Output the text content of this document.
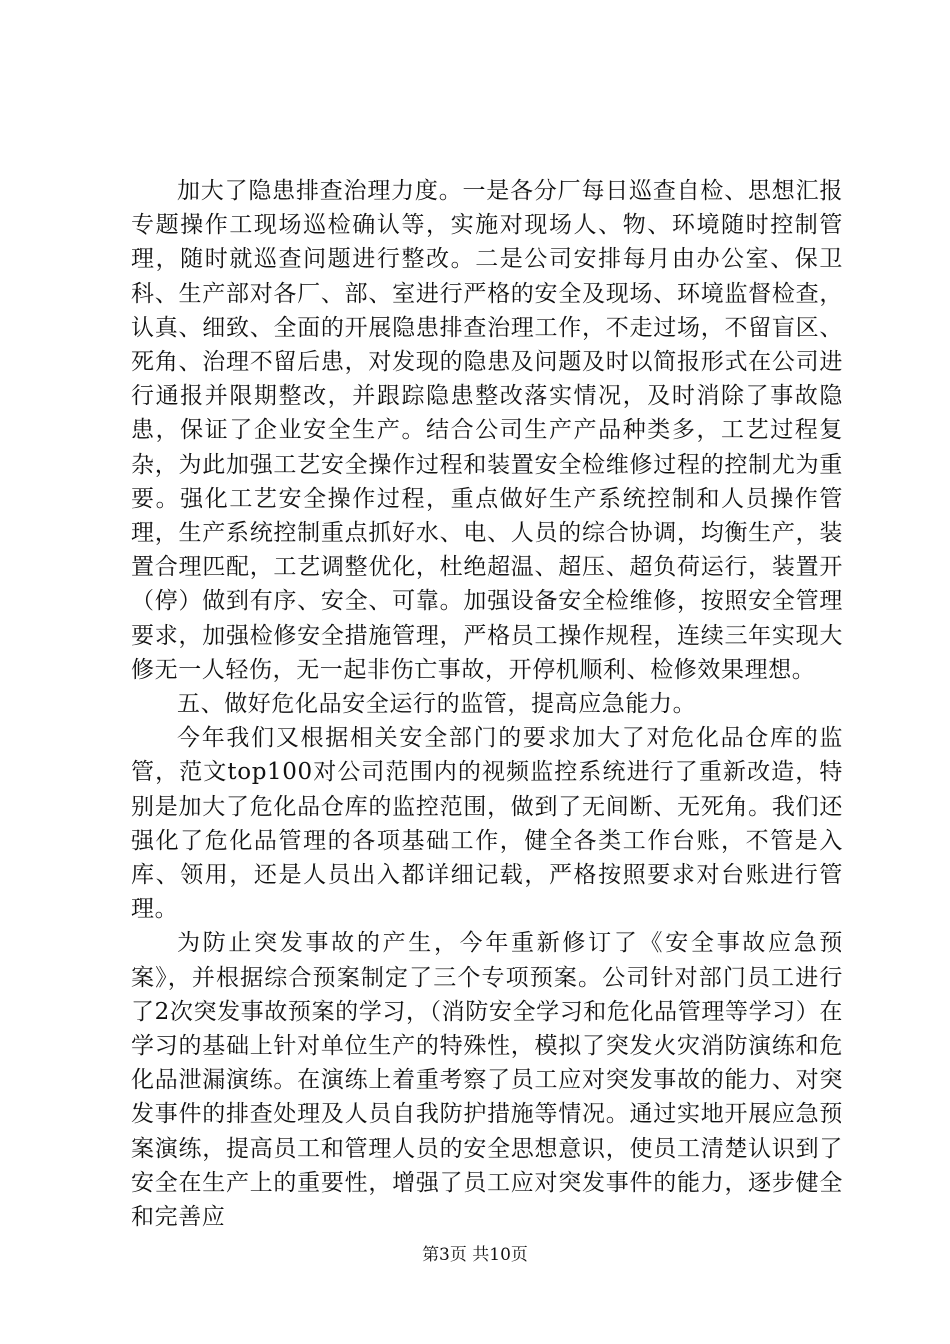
加大了隐患排查治理力度。一是各分厂每日巡查自检、思想汇报专题操作工现场巡检确认等，实施对现场人、物、环境随时控制管理，随时就巡查问题进行整改。二是公司安排每月由办公室、保卫科、生产部对各厂、部、室进行严格的安全及现场、环境监督检查，认真、细致、全面的开展隐患排查治理工作，不走过场，不留盲区、死角、治理不留后患，对发现的隐患及问题及时以简报形式在公司进行通报并限期整改，并跟踪隐患整改落实情况，及时消除了事故隐患，保证了企业安全生产。结合公司生产产品种类多，工艺过程复杂，为此加强工艺安全操作过程和装置安全检维修过程的控制尤为重要。强化工艺安全操作过程，重点做好生产系统控制和人员操作管理，生产系统控制重点抓好水、电、人员的综合协调，均衡生产，装置合理匹配，工艺调整优化，杜绝超温、超压、超负荷运行，装置开（停）做到有序、安全、可靠。加强设备安全检维修，按照安全管理要求，加强检修安全措施管理，严格员工操作规程，连续三年实现大修无一人轻伤，无一起非伤亡事故，开停机顺利、检修效果理想。

五、做好危化品安全运行的监管，提高应急能力。

今年我们又根据相关安全部门的要求加大了对危化品仓库的监管，范文top100对公司范围内的视频监控系统进行了重新改造，特别是加大了危化品仓库的监控范围，做到了无间断、无死角。我们还强化了危化品管理的各项基础工作，健全各类工作台账，不管是入库、领用，还是人员出入都详细记载，严格按照要求对台账进行管理。

为防止突发事故的产生，今年重新修订了《安全事故应急预案》，并根据综合预案制定了三个专项预案。公司针对部门员工进行了2次突发事故预案的学习，（消防安全学习和危化品管理等学习）在学习的基础上针对单位生产的特殊性，模拟了突发火灾消防演练和危化品泄漏演练。在演练上着重考察了员工应对突发事故的能力、对突发事件的排查处理及人员自我防护措施等情况。通过实地开展应急预案演练，提高员工和管理人员的安全思想意识，使员工清楚认识到了安全在生产上的重要性，增强了员工应对突发事件的能力，逐步健全和完善应

第3页 共10页
